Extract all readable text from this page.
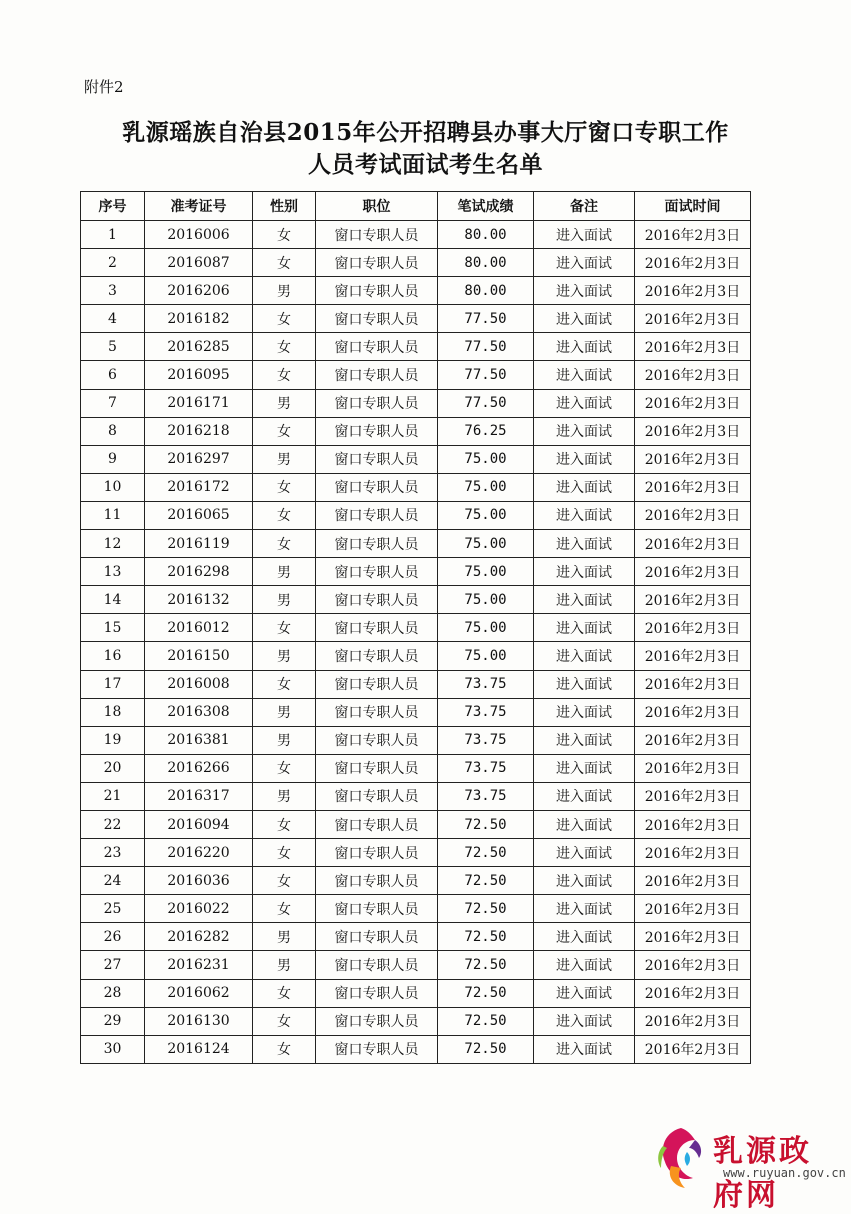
附件2
乳源瑶族自治县2015年公开招聘县办事大厅窗口专职工作
人员考试面试考生名单
序号	准考证号	性别	职位	笔试成绩	备注	面试时间
1	2016006	女	窗口专职人员	80.00	进入面试	2016年2月3日
2	2016087	女	窗口专职人员	80.00	进入面试	2016年2月3日
3	2016206	男	窗口专职人员	80.00	进入面试	2016年2月3日
4	2016182	女	窗口专职人员	77.50	进入面试	2016年2月3日
5	2016285	女	窗口专职人员	77.50	进入面试	2016年2月3日
6	2016095	女	窗口专职人员	77.50	进入面试	2016年2月3日
7	2016171	男	窗口专职人员	77.50	进入面试	2016年2月3日
8	2016218	女	窗口专职人员	76.25	进入面试	2016年2月3日
9	2016297	男	窗口专职人员	75.00	进入面试	2016年2月3日
10	2016172	女	窗口专职人员	75.00	进入面试	2016年2月3日
11	2016065	女	窗口专职人员	75.00	进入面试	2016年2月3日
12	2016119	女	窗口专职人员	75.00	进入面试	2016年2月3日
13	2016298	男	窗口专职人员	75.00	进入面试	2016年2月3日
14	2016132	男	窗口专职人员	75.00	进入面试	2016年2月3日
15	2016012	女	窗口专职人员	75.00	进入面试	2016年2月3日
16	2016150	男	窗口专职人员	75.00	进入面试	2016年2月3日
17	2016008	女	窗口专职人员	73.75	进入面试	2016年2月3日
18	2016308	男	窗口专职人员	73.75	进入面试	2016年2月3日
19	2016381	男	窗口专职人员	73.75	进入面试	2016年2月3日
20	2016266	女	窗口专职人员	73.75	进入面试	2016年2月3日
21	2016317	男	窗口专职人员	73.75	进入面试	2016年2月3日
22	2016094	女	窗口专职人员	72.50	进入面试	2016年2月3日
23	2016220	女	窗口专职人员	72.50	进入面试	2016年2月3日
24	2016036	女	窗口专职人员	72.50	进入面试	2016年2月3日
25	2016022	女	窗口专职人员	72.50	进入面试	2016年2月3日
26	2016282	男	窗口专职人员	72.50	进入面试	2016年2月3日
27	2016231	男	窗口专职人员	72.50	进入面试	2016年2月3日
28	2016062	女	窗口专职人员	72.50	进入面试	2016年2月3日
29	2016130	女	窗口专职人员	72.50	进入面试	2016年2月3日
30	2016124	女	窗口专职人员	72.50	进入面试	2016年2月3日
乳源政府网
www.ruyuan.gov.cn
